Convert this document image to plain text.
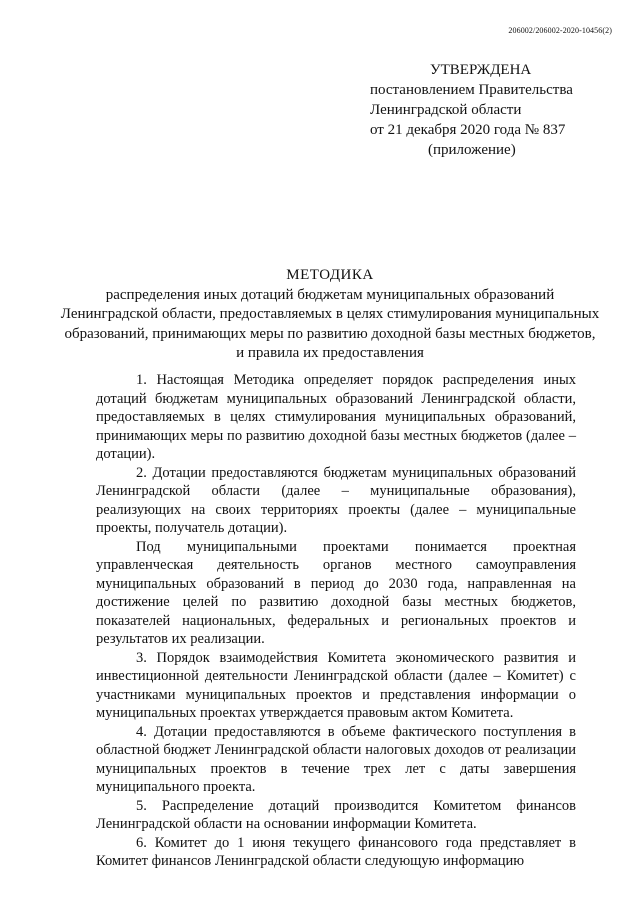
206002/206002-2020-10456(2)
УТВЕРЖДЕНА
постановлением Правительства
Ленинградской области
от 21 декабря 2020 года № 837
(приложение)
МЕТОДИКА
распределения иных дотаций бюджетам муниципальных образований Ленинградской области, предоставляемых в целях стимулирования муниципальных образований, принимающих меры по развитию доходной базы местных бюджетов, и правила их предоставления

1. Настоящая Методика определяет порядок распределения иных дотаций бюджетам муниципальных образований Ленинградской области, предоставляемых в целях стимулирования муниципальных образований, принимающих меры по развитию доходной базы местных бюджетов (далее – дотации).

2. Дотации предоставляются бюджетам муниципальных образований Ленинградской области (далее – муниципальные образования), реализующих на своих территориях проекты (далее – муниципальные проекты, получатель дотации).

Под муниципальными проектами понимается проектная управленческая деятельность органов местного самоуправления муниципальных образований в период до 2030 года, направленная на достижение целей по развитию доходной базы местных бюджетов, показателей национальных, федеральных и региональных проектов и результатов их реализации.

3. Порядок взаимодействия Комитета экономического развития и инвестиционной деятельности Ленинградской области (далее – Комитет) с участниками муниципальных проектов и представления информации о муниципальных проектах утверждается правовым актом Комитета.

4. Дотации предоставляются в объеме фактического поступления в областной бюджет Ленинградской области налоговых доходов от реализации муниципальных проектов в течение трех лет с даты завершения муниципального проекта.

5. Распределение дотаций производится Комитетом финансов Ленинградской области на основании информации Комитета.

6. Комитет до 1 июня текущего финансового года представляет в Комитет финансов Ленинградской области следующую информацию
